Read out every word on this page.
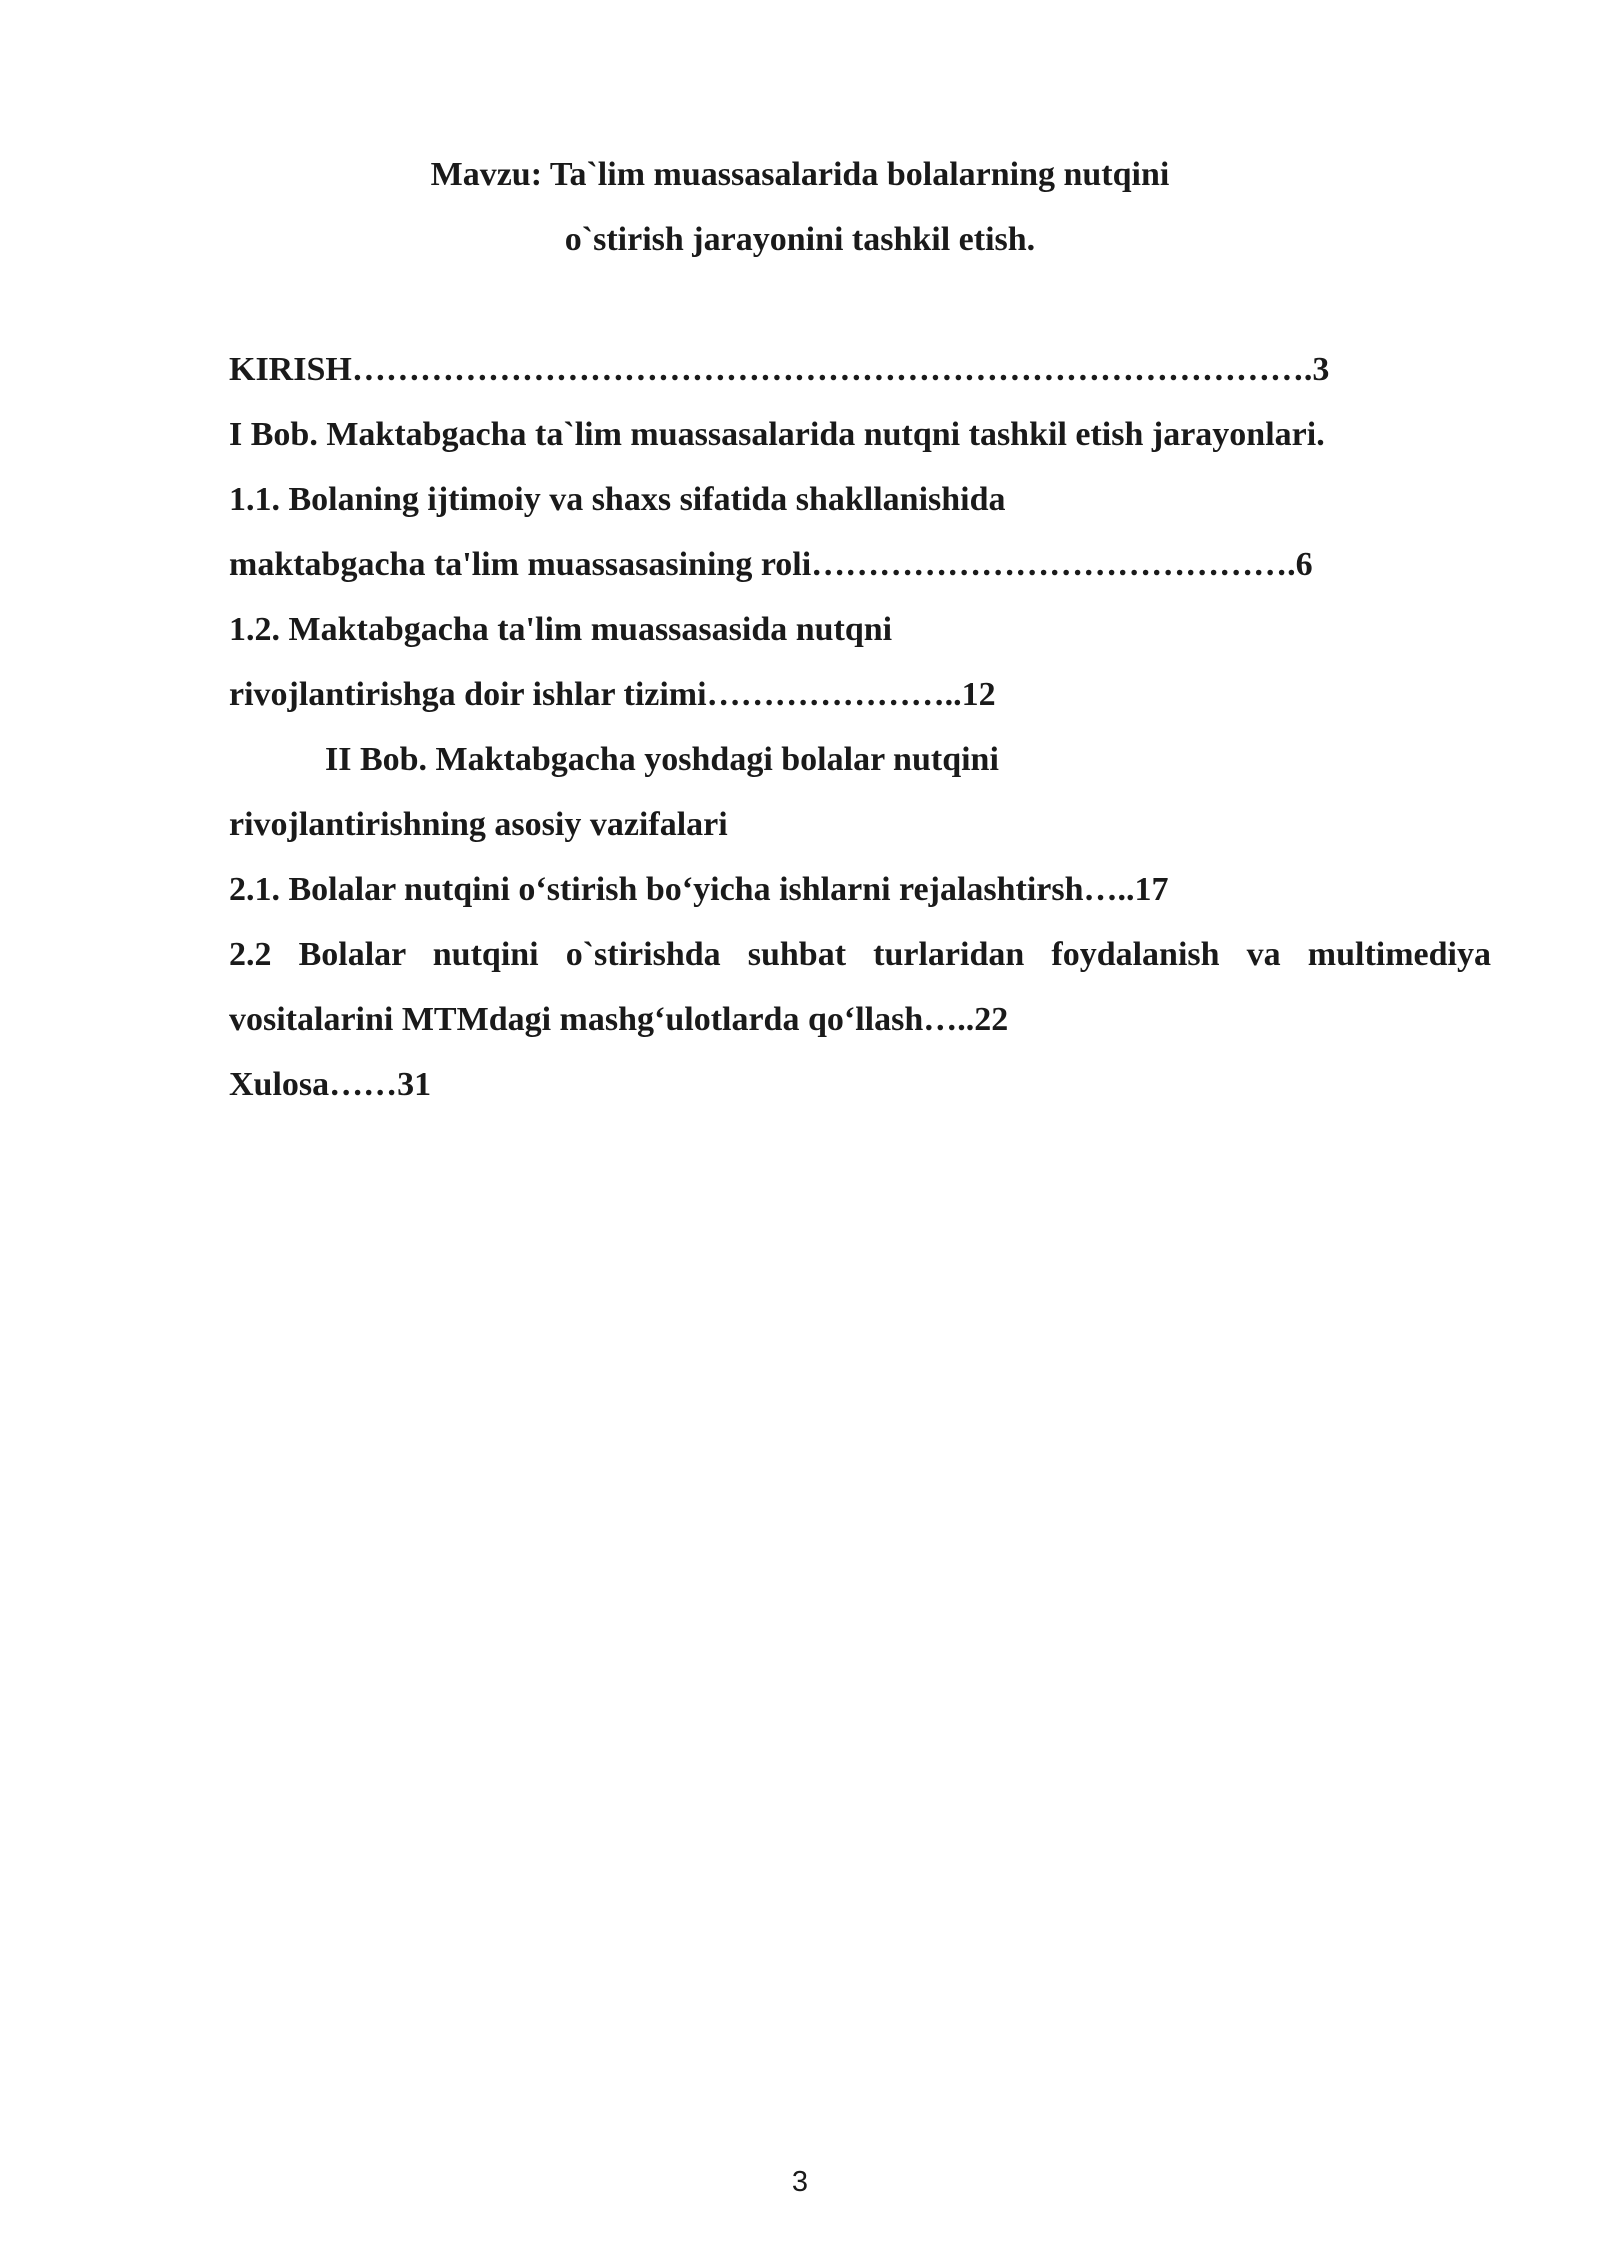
Mavzu: Ta`lim muassasalarida bolalarning nutqini
o`stirish jarayonini tashkil etish.
KIRISH………………………………………………………………………….3
I Bob. Maktabgacha ta`lim muassasalarida nutqni tashkil etish jarayonlari.
1.1. Bolaning ijtimoiy va shaxs sifatida shakllanishida
maktabgacha ta'lim muassasasining roli…………………………………….6
1.2. Maktabgacha ta'lim muassasasida nutqni
rivojlantirishga doir ishlar tizimi…………………..12
II Bob. Maktabgacha yoshdagi bolalar nutqini
rivojlantirishning asosiy vazifalari
2.1. Bolalar nutqini o‘stirish bo‘yicha ishlarni rejalashtirsh…..17
2.2 Bolalar nutqini o`stirishda suhbat turlaridan foydalanish va multimediya
vositalarini MTMdagi mashg‘ulotlarda qo‘llash…..22
Xulosa……31
3
